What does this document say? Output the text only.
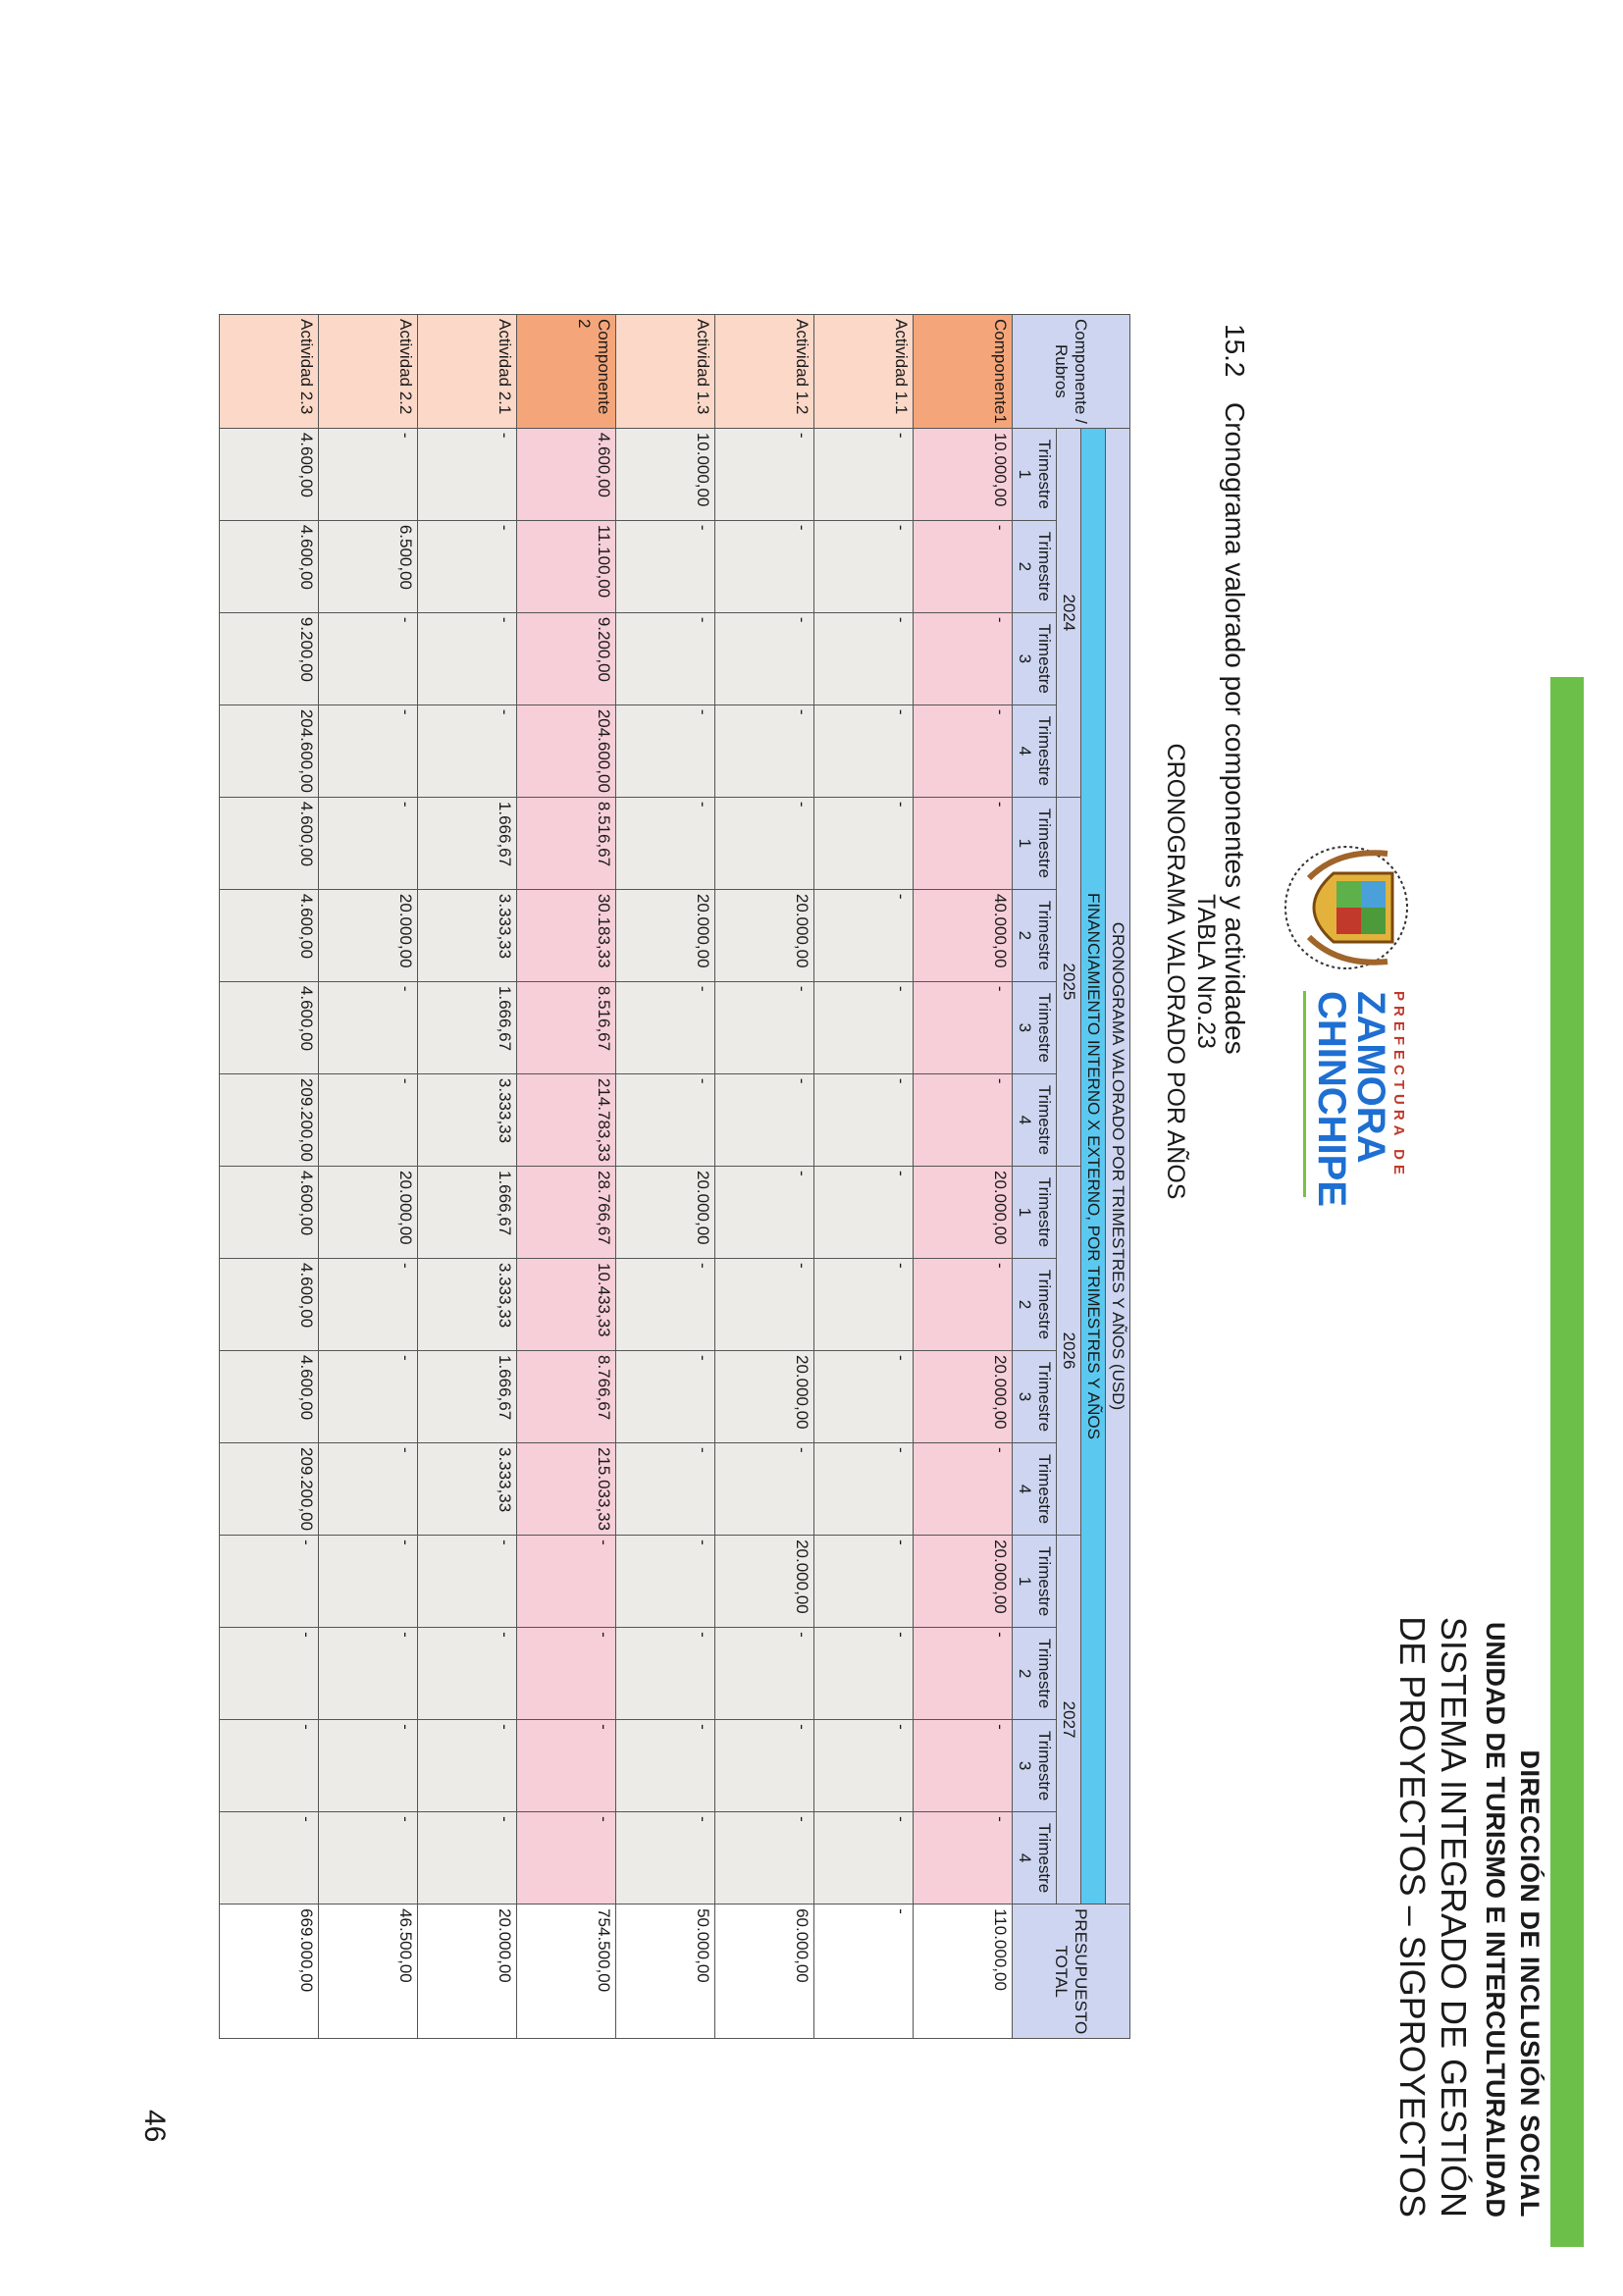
DIRECCIÓN DE INCLUSIÓN SOCIAL
UNIDAD DE TURISMO E INTERCULTURALIDAD
SISTEMA INTEGRADO DE GESTIÓN
DE PROYECTOS – SIGPROYECTOS
PREFECTURA DE
ZAMORA
CHINCHIPE
15.2Cronograma valorado por componentes y actividades
TABLA Nro.23
CRONOGRAMA VALORADO POR AÑOS
Componente / Rubros	CRONOGRAMA VALORADO POR TRIMESTRES Y AÑOS (USD)																PRESUPUESTO TOTAL
	FINANCIAMIENTO INTERNO X EXTERNO, POR TRIMESTRES Y AÑOS																
	2024				2025				2026				2027				
	Trimestre 1	Trimestre 2	Trimestre 3	Trimestre 4	Trimestre 1	Trimestre 2	Trimestre 3	Trimestre 4	Trimestre 1	Trimestre 2	Trimestre 3	Trimestre 4	Trimestre 1	Trimestre 2	Trimestre 3	Trimestre 4	
Componente1	10.000,00	-	-	-	-	40.000,00	-	-	20.000,00	-	20.000,00	-	20.000,00	-	-	-	110.000,00
Actividad 1.1	-	-	-	-	-	-	-	-	-	-	-	-	-	-	-	-	-
Actividad 1.2	-	-	-	-	-	20.000,00	-	-	-	-	20.000,00	-	20.000,00	-	-	-	60.000,00
Actividad 1.3	10.000,00	-	-	-	-	20.000,00	-	-	20.000,00	-	-	-	-	-	-	-	50.000,00
Componente 2	4.600,00	11.100,00	9.200,00	204.600,00	8.516,67	30.183,33	8.516,67	214.783,33	28.766,67	10.433,33	8.766,67	215.033,33	-	-	-	-	754.500,00
Actividad 2.1	-	-	-	-	1.666,67	3.333,33	1.666,67	3.333,33	1.666,67	3.333,33	1.666,67	3.333,33	-	-	-	-	20.000,00
Actividad 2.2	-	6.500,00	-	-	-	20.000,00	-	-	20.000,00	-	-	-	-	-	-	-	46.500,00
Actividad 2.3	4.600,00	4.600,00	9.200,00	204.600,00	4.600,00	4.600,00	4.600,00	209.200,00	4.600,00	4.600,00	4.600,00	209.200,00	-	-	-	-	669.000,00
46
